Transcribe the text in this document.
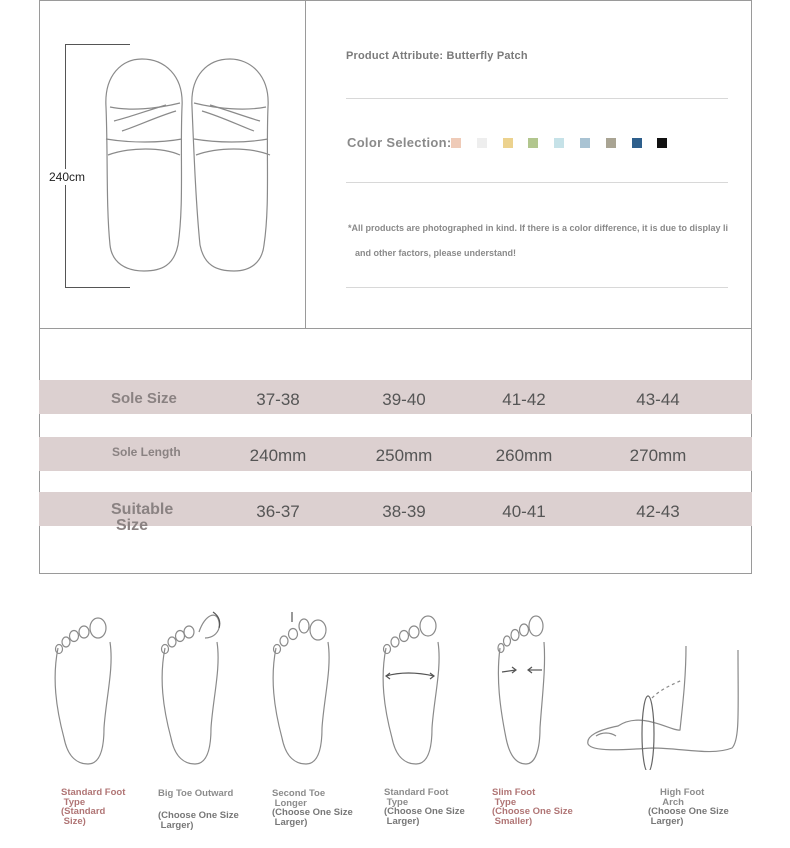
240cm
Product Attribute: Butterfly Patch
Color Selection:
*All products are photographed in kind. If there is a color difference, it is due to display li
and other factors, please understand!
Sole Size	37-38	39-40	41-42	43-44
Sole Length	240mm	250mm	260mm	270mm
Suitable
Size
36-37	38-39	40-41	42-43
Standard Foot
Type
(Standard
Size)
Big Toe Outward
(Choose One Size
Larger)
Second Toe
Longer
(Choose One Size
Larger)
Standard Foot
Type
(Choose One Size
Larger)
Slim Foot
Type
(Choose One Size
Smaller)
High Foot
Arch
(Choose One Size
Larger)
